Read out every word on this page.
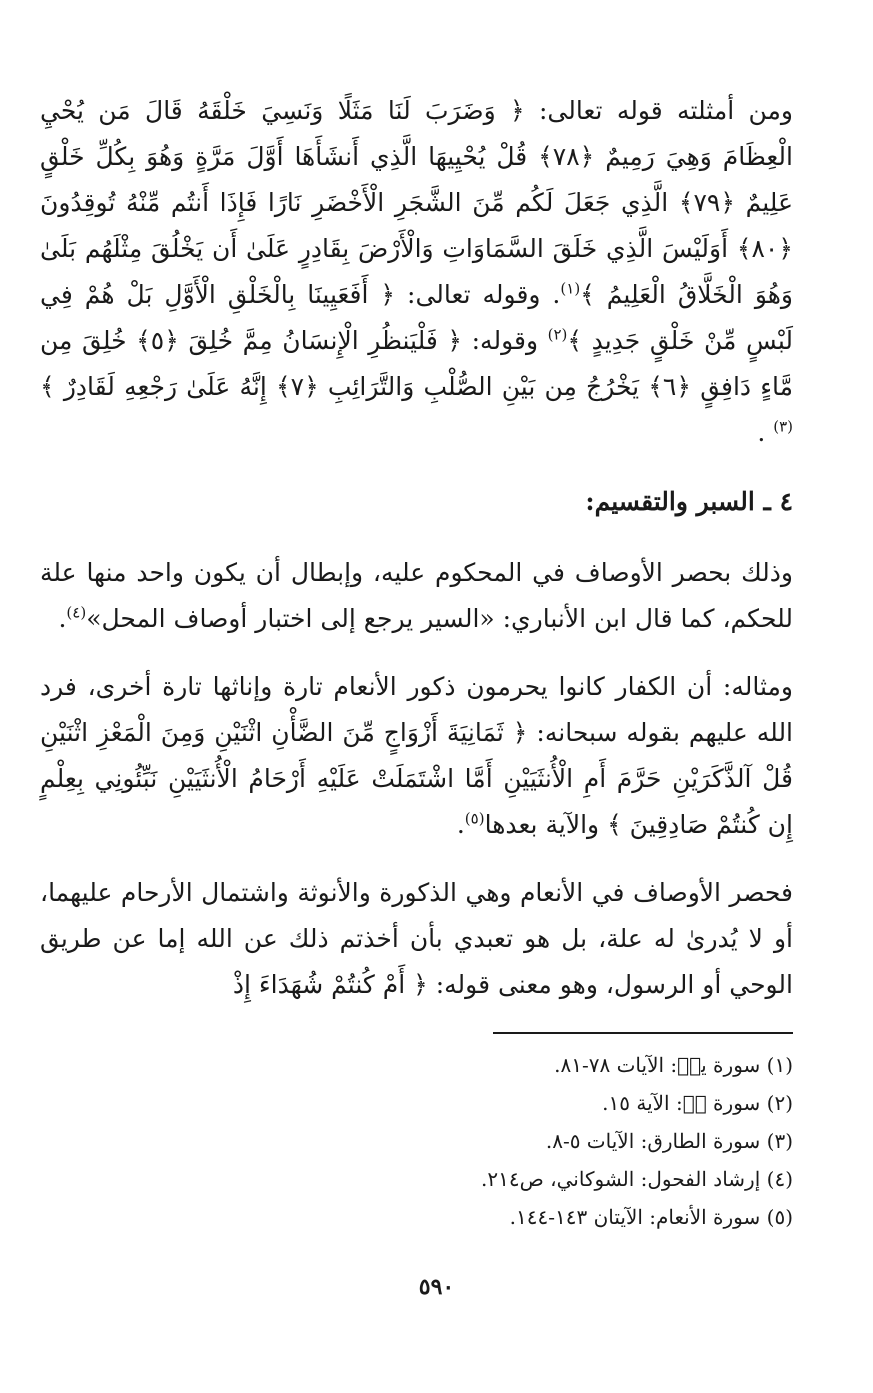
ومن أمثلته قوله تعالى: ﴿ وَضَرَبَ لَنَا مَثَلًا وَنَسِيَ خَلْقَهُ قَالَ مَن يُحْيِ الْعِظَامَ وَهِيَ رَمِيمٌ ﴿٧٨﴾ قُلْ يُحْيِيهَا الَّذِي أَنشَأَهَا أَوَّلَ مَرَّةٍ وَهُوَ بِكُلِّ خَلْقٍ عَلِيمٌ ﴿٧٩﴾ الَّذِي جَعَلَ لَكُم مِّنَ الشَّجَرِ الْأَخْضَرِ نَارًا فَإِذَا أَنتُم مِّنْهُ تُوقِدُونَ ﴿٨٠﴾ أَوَلَيْسَ الَّذِي خَلَقَ السَّمَاوَاتِ وَالْأَرْضَ بِقَادِرٍ عَلَىٰ أَن يَخْلُقَ مِثْلَهُم بَلَىٰ وَهُوَ الْخَلَّاقُ الْعَلِيمُ ﴾$^{(١)}$. وقوله تعالى: ﴿ أَفَعَيِينَا بِالْخَلْقِ الْأَوَّلِ بَلْ هُمْ فِي لَبْسٍ مِّنْ خَلْقٍ جَدِيدٍ ﴾$^{(٢)}$ وقوله: ﴿ فَلْيَنظُرِ الْإِنسَانُ مِمَّ خُلِقَ ﴿٥﴾ خُلِقَ مِن مَّاءٍ دَافِقٍ ﴿٦﴾ يَخْرُجُ مِن بَيْنِ الصُّلْبِ وَالتَّرَائِبِ ﴿٧﴾ إِنَّهُ عَلَىٰ رَجْعِهِ لَقَادِرٌ ﴾$^{(٣)}$ .

٤ ـ السبر والتقسيم:

وذلك بحصر الأوصاف في المحكوم عليه، وإبطال أن يكون واحد منها علة للحكم، كما قال ابن الأنباري: «السير يرجع إلى اختبار أوصاف المحل»$^{(٤)}$.

ومثاله: أن الكفار كانوا يحرمون ذكور الأنعام تارة وإناثها تارة أخرى، فرد الله عليهم بقوله سبحانه: ﴿ ثَمَانِيَةَ أَزْوَاجٍ مِّنَ الضَّأْنِ اثْنَيْنِ وَمِنَ الْمَعْزِ اثْنَيْنِ قُلْ آلذَّكَرَيْنِ حَرَّمَ أَمِ الْأُنثَيَيْنِ أَمَّا اشْتَمَلَتْ عَلَيْهِ أَرْحَامُ الْأُنثَيَيْنِ نَبِّئُونِي بِعِلْمٍ إِن كُنتُمْ صَادِقِينَ ﴾ والآية بعدها$^{(٥)}$.

فحصر الأوصاف في الأنعام وهي الذكورة والأنوثة واشتمال الأرحام عليهما، أو لا يُدرىٰ له علة، بل هو تعبدي بأن أخذتم ذلك عن الله إما عن طريق الوحي أو الرسول، وهو معنى قوله: ﴿ أَمْ كُنتُمْ شُهَدَاءَ إِذْ

(١) سورة يسۤ: الآيات ٧٨-٨١.

(٢) سورة قۤ: الآية ١٥.

(٣) سورة الطارق: الآيات ٥-٨.

(٤) إرشاد الفحول: الشوكاني، ص٢١٤.

(٥) سورة الأنعام: الآيتان ١٤٣-١٤٤.

٥٩٠
